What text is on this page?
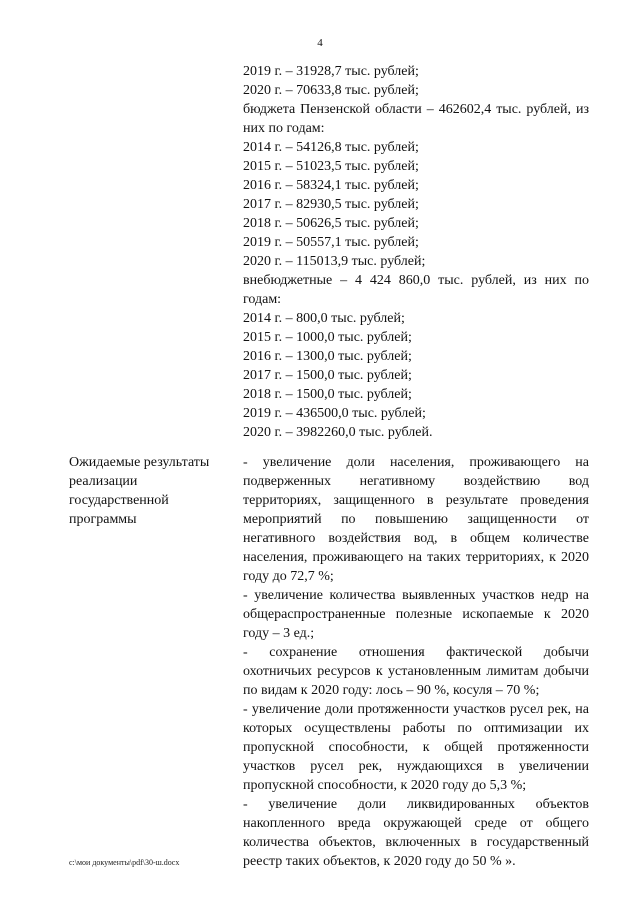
4
2019 г. – 31928,7 тыс. рублей;
2020 г. – 70633,8 тыс. рублей;
бюджета Пензенской области – 462602,4 тыс. рублей, из них по годам:
2014 г. – 54126,8 тыс. рублей;
2015 г. – 51023,5 тыс. рублей;
2016 г. – 58324,1 тыс. рублей;
2017 г. – 82930,5 тыс. рублей;
2018 г. – 50626,5 тыс. рублей;
2019 г. – 50557,1 тыс. рублей;
2020 г. – 115013,9 тыс. рублей;
внебюджетные – 4 424 860,0 тыс. рублей, из них по годам:
2014 г. – 800,0 тыс. рублей;
2015 г. – 1000,0 тыс. рублей;
2016 г. – 1300,0 тыс. рублей;
2017 г. – 1500,0 тыс. рублей;
2018 г. – 1500,0 тыс. рублей;
2019 г. – 436500,0 тыс. рублей;
2020 г. – 3982260,0 тыс. рублей.
Ожидаемые результаты реализации государственной программы
- увеличение доли населения, проживающего на подверженных негативному воздействию вод территориях, защищенного в результате проведения мероприятий по повышению защищенности от негативного воздействия вод, в общем количестве населения, проживающего на таких территориях, к 2020 году до 72,7 %;
- увеличение количества выявленных участков недр на общераспространенные полезные ископаемые к 2020 году – 3 ед.;
- сохранение отношения фактической добычи охотничьих ресурсов к установленным лимитам добычи по видам к 2020 году: лось – 90 %, косуля – 70 %;
- увеличение доли протяженности участков русел рек, на которых осуществлены работы по оптимизации их пропускной способности, к общей протяженности участков русел рек, нуждающихся в увеличении пропускной способности, к 2020 году до 5,3 %;
- увеличение доли ликвидированных объектов накопленного вреда окружающей среде от общего количества объектов, включенных в государственный реестр таких объектов, к 2020 году до 50 % ».
c:\мои документы\pdf\30-ш.docx
